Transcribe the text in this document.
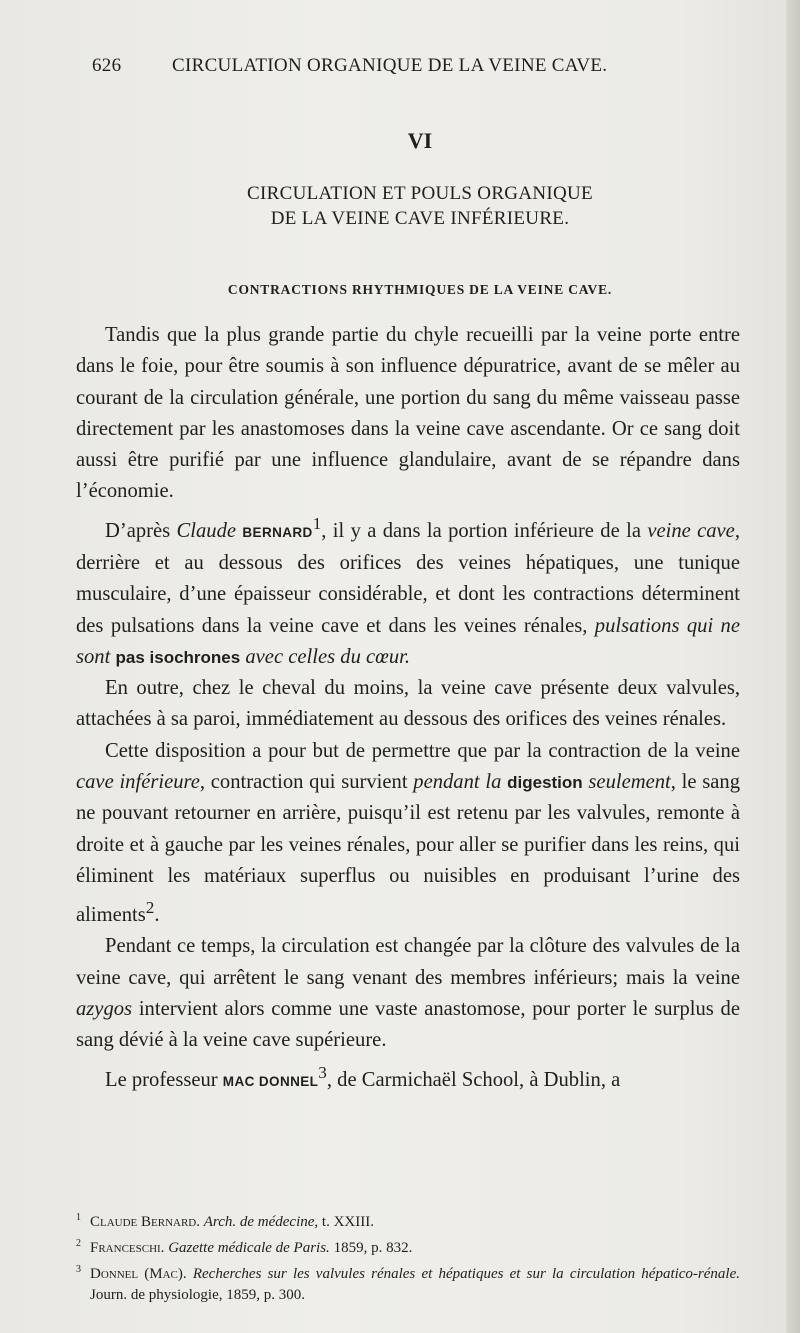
626	CIRCULATION ORGANIQUE DE LA VEINE CAVE.
VI
CIRCULATION ET POULS ORGANIQUE
DE LA VEINE CAVE INFÉRIEURE.
CONTRACTIONS RHYTHMIQUES DE LA VEINE CAVE.

Tandis que la plus grande partie du chyle recueilli par la veine porte entre dans le foie, pour être soumis à son influence dépuratrice, avant de se mêler au courant de la circulation générale, une portion du sang du même vaisseau passe directement par les anastomoses dans la veine cave ascendante. Or ce sang doit aussi être purifié par une influence glandulaire, avant de se répandre dans l’économie.

D’après Claude BERNARD$^1$, il y a dans la portion inférieure de la veine cave, derrière et au dessous des orifices des veines hépatiques, une tunique musculaire, d’une épaisseur considérable, et dont les contractions déterminent des pulsations dans la veine cave et dans les veines rénales, pulsations qui ne sont pas isochrones avec celles du cœur.

En outre, chez le cheval du moins, la veine cave présente deux valvules, attachées à sa paroi, immédiatement au dessous des orifices des veines rénales.

Cette disposition a pour but de permettre que par la contraction de la veine cave inférieure, contraction qui survient pendant la digestion seulement, le sang ne pouvant retourner en arrière, puisqu’il est retenu par les valvules, remonte à droite et à gauche par les veines rénales, pour aller se purifier dans les reins, qui éliminent les matériaux superflus ou nuisibles en produisant l’urine des aliments$^2$.

Pendant ce temps, la circulation est changée par la clôture des valvules de la veine cave, qui arrêtent le sang venant des membres inférieurs; mais la veine azygos intervient alors comme une vaste anastomose, pour porter le surplus de sang dévié à la veine cave supérieure.

Le professeur MAC DONNEL$^3$, de Carmichaël School, à Dublin, a

1 Claude Bernard. Arch. de médecine, t. XXIII.
2 Franceschi. Gazette médicale de Paris. 1859, p. 832.
3 Donnel (Mac). Recherches sur les valvules rénales et hépatiques et sur la circulation hépatico-rénale. Journ. de physiologie, 1859, p. 300.
